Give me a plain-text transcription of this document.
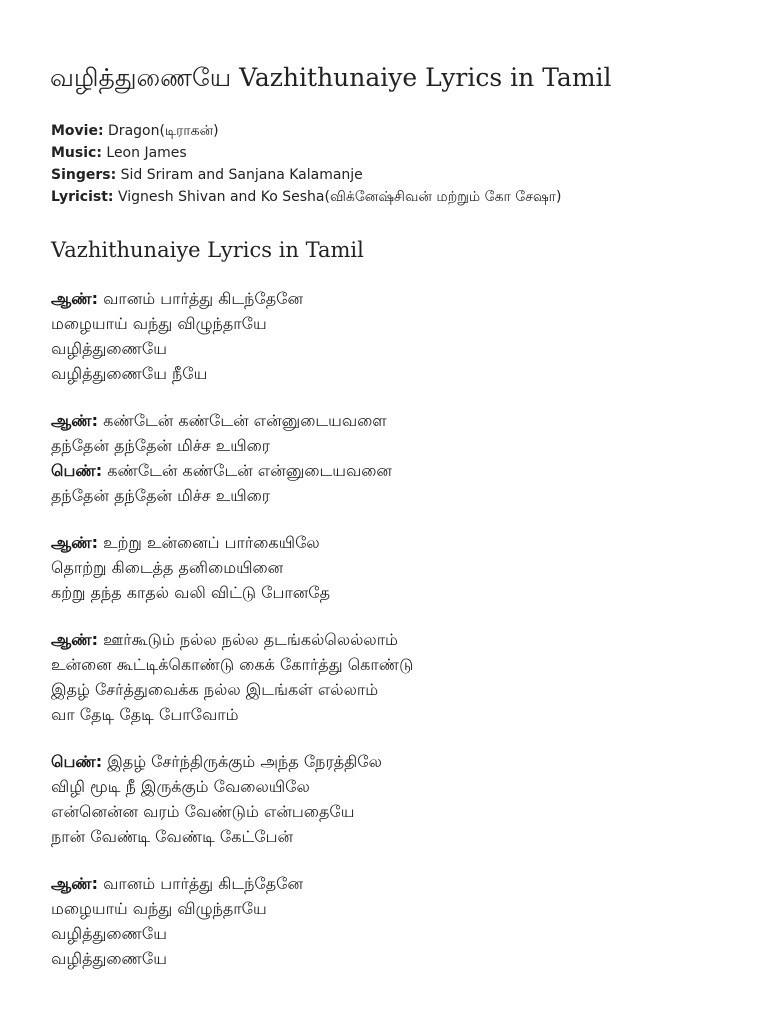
வழித்துணையே Vazhithunaiye Lyrics in Tamil
Movie: Dragon(டிராகன்)
Music: Leon James
Singers: Sid Sriram and Sanjana Kalamanje
Lyricist: Vignesh Shivan and Ko Sesha(விக்னேஷ்சிவன் மற்றும் கோ சேஷா)
Vazhithunaiye Lyrics in Tamil
ஆண்: வானம் பார்த்து கிடந்தேனே
மழையாய் வந்து விழுந்தாயே
வழித்துணையே
வழித்துணையே நீயே
ஆண்: கண்டேன் கண்டேன் என்னுடையவளை
தந்தேன் தந்தேன் மிச்ச உயிரை
பெண்: கண்டேன் கண்டேன் என்னுடையவனை
தந்தேன் தந்தேன் மிச்ச உயிரை
ஆண்: உற்று உன்னைப் பார்கையிலே
தொற்று கிடைத்த தனிமையினை
கற்று தந்த காதல் வலி விட்டு போனதே
ஆண்: ஊர்கூடும் நல்ல நல்ல தடங்கல்லெல்லாம்
உன்னை கூட்டிக்கொண்டு கைக் கோர்த்து கொண்டு
இதழ் சேர்த்துவைக்க நல்ல இடங்கள் எல்லாம்
வா தேடி தேடி போவோம்
பெண்: இதழ் சேர்ந்திருக்கும் அந்த நேரத்திலே
விழி மூடி நீ இருக்கும் வேலையிலே
என்னென்ன வரம் வேண்டும் என்பதையே
நான் வேண்டி வேண்டி கேட்பேன்
ஆண்: வானம் பார்த்து கிடந்தேனே
மழையாய் வந்து விழுந்தாயே
வழித்துணையே
வழித்துணையே
